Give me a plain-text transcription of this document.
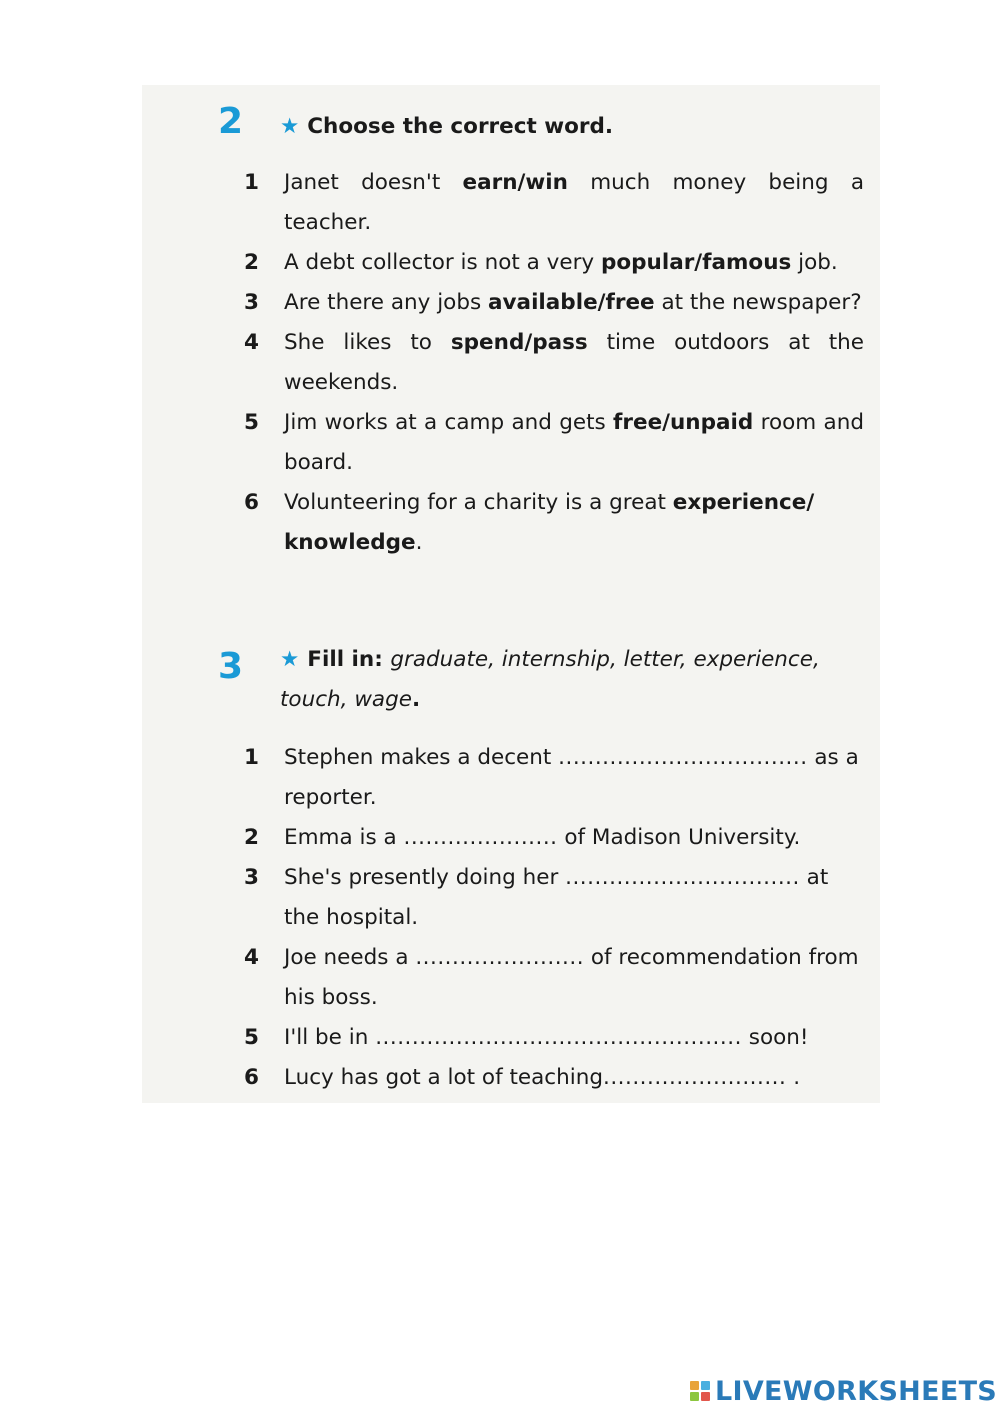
2 ★ Choose the correct word.
1 Janet doesn't earn/win much money being a teacher.
2 A debt collector is not a very popular/famous job.
3 Are there any jobs available/free at the newspaper?
4 She likes to spend/pass time outdoors at the weekends.
5 Jim works at a camp and gets free/unpaid room and board.
6 Volunteering for a charity is a great experience/ knowledge.
3 ★ Fill in: graduate, internship, letter, experience, touch, wage.
1 Stephen makes a decent .................................. as a reporter.
2 Emma is a ..................... of Madison University.
3 She's presently doing her ................................ at the hospital.
4 Joe needs a ....................... of recommendation from his boss.
5 I'll be in .................................................. soon!
6 Lucy has got a lot of teaching......................... .
LIVEWORKSHEETS
